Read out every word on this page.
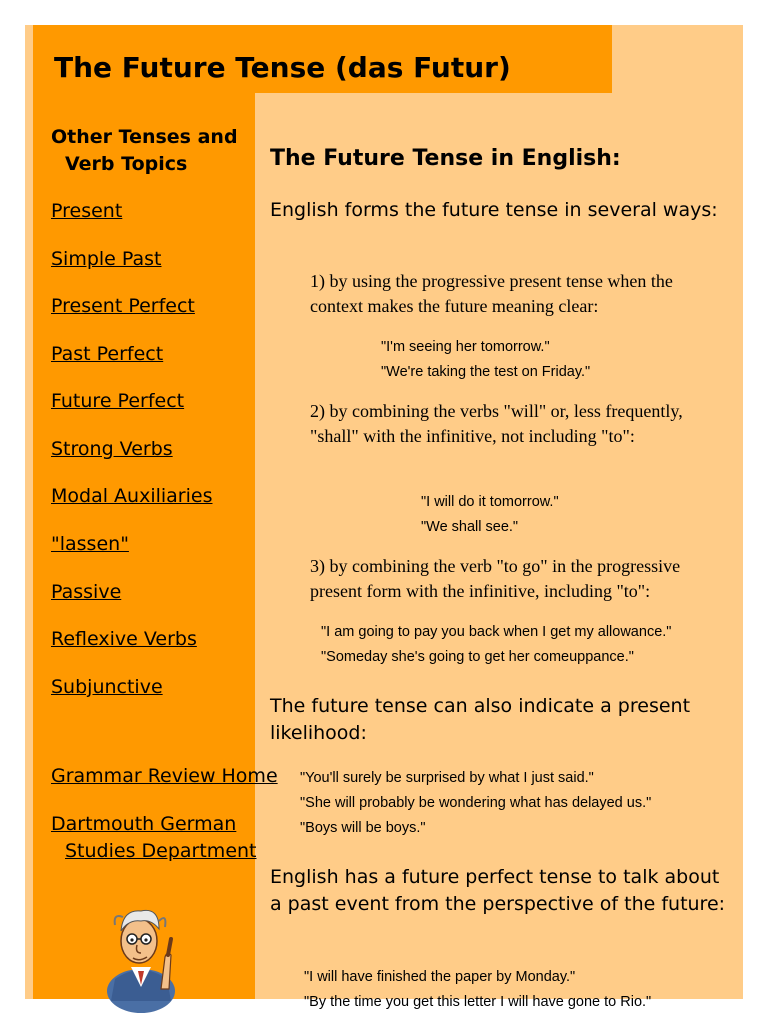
Other Tenses and Verb Topics
Present
Simple Past
Present Perfect
Past Perfect
Future Perfect
Strong Verbs
Modal Auxiliaries
"lassen"
Passive
Reflexive Verbs
Subjunctive
Grammar Review Home
Dartmouth German Studies Department
The Future Tense (das Futur)
The Future Tense in English:

English forms the future tense in several ways:

1) by using the progressive present tense when the context makes the future meaning clear:

"I'm seeing her tomorrow."

"We're taking the test on Friday."

2) by combining the verbs "will" or, less frequently, "shall" with the infinitive, not including "to":

"I will do it tomorrow."

"We shall see."

3) by combining the verb "to go" in the progressive present form with the infinitive, including "to":

"I am going to pay you back when I get my allowance."

"Someday she's going to get her comeuppance."

The future tense can also indicate a present likelihood:

"You'll surely be surprised by what I just said."

"She will probably be wondering what has delayed us."

"Boys will be boys."

English has a future perfect tense to talk about a past event from the perspective of the future:

"I will have finished the paper by Monday."

"By the time you get this letter I will have gone to Rio."
